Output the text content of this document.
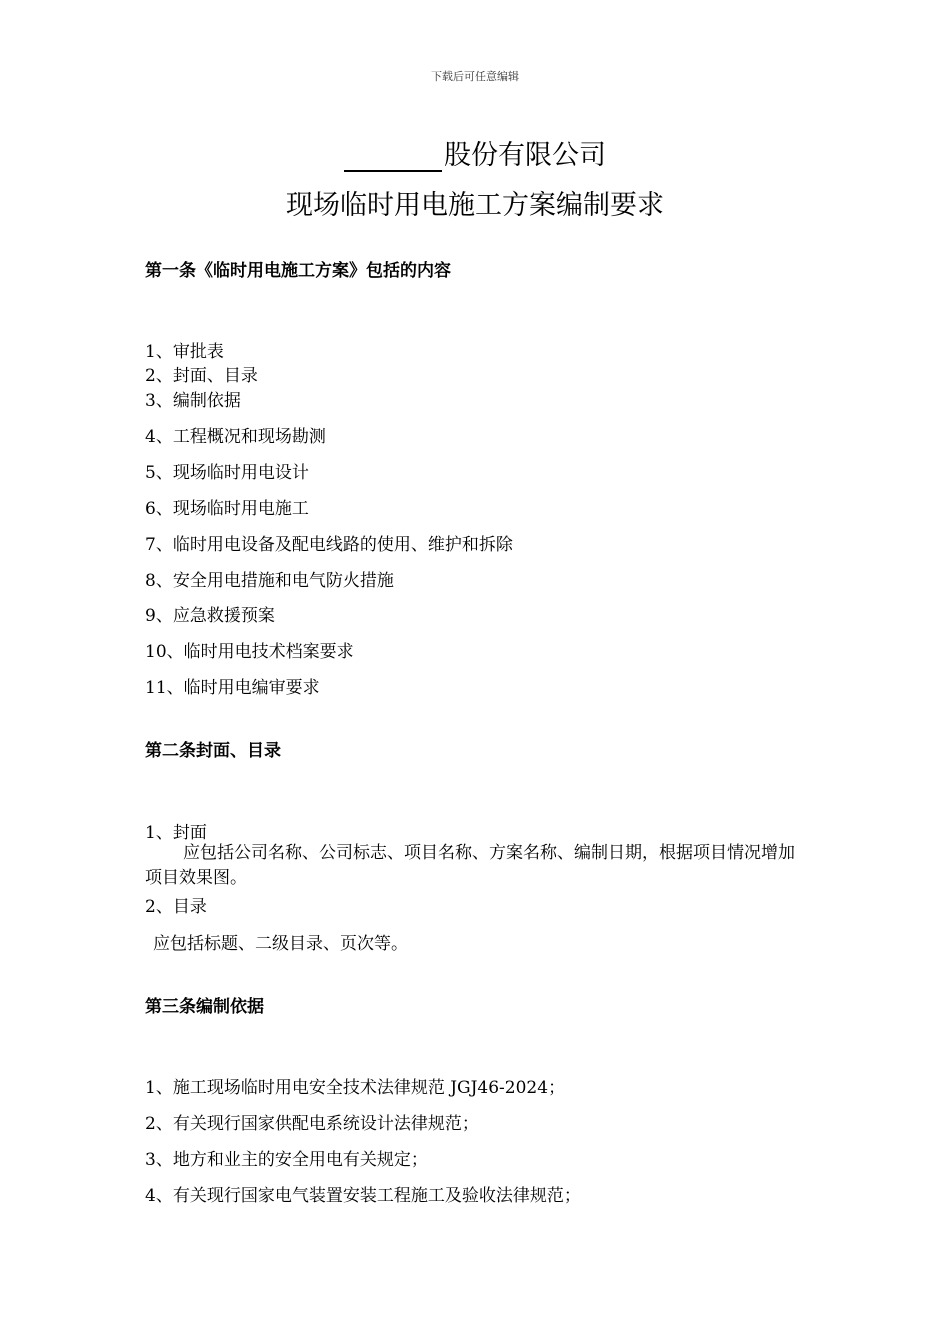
下载后可任意编辑
股份有限公司
现场临时用电施工方案编制要求
第一条《临时用电施工方案》包括的内容
1、审批表
2、封面、目录
3、编制依据
4、工程概况和现场勘测
5、现场临时用电设计
6、现场临时用电施工
7、临时用电设备及配电线路的使用、维护和拆除
8、安全用电措施和电气防火措施
9、应急救援预案
10、临时用电技术档案要求
11、临时用电编审要求
第二条封面、目录
1、封面
应包括公司名称、公司标志、项目名称、方案名称、编制日期，根据项目情况增加项目效果图。
2、目录
应包括标题、二级目录、页次等。
第三条编制依据
1、施工现场临时用电安全技术法律规范 JGJ46-2024；
2、有关现行国家供配电系统设计法律规范；
3、地方和业主的安全用电有关规定；
4、有关现行国家电气装置安装工程施工及验收法律规范；
